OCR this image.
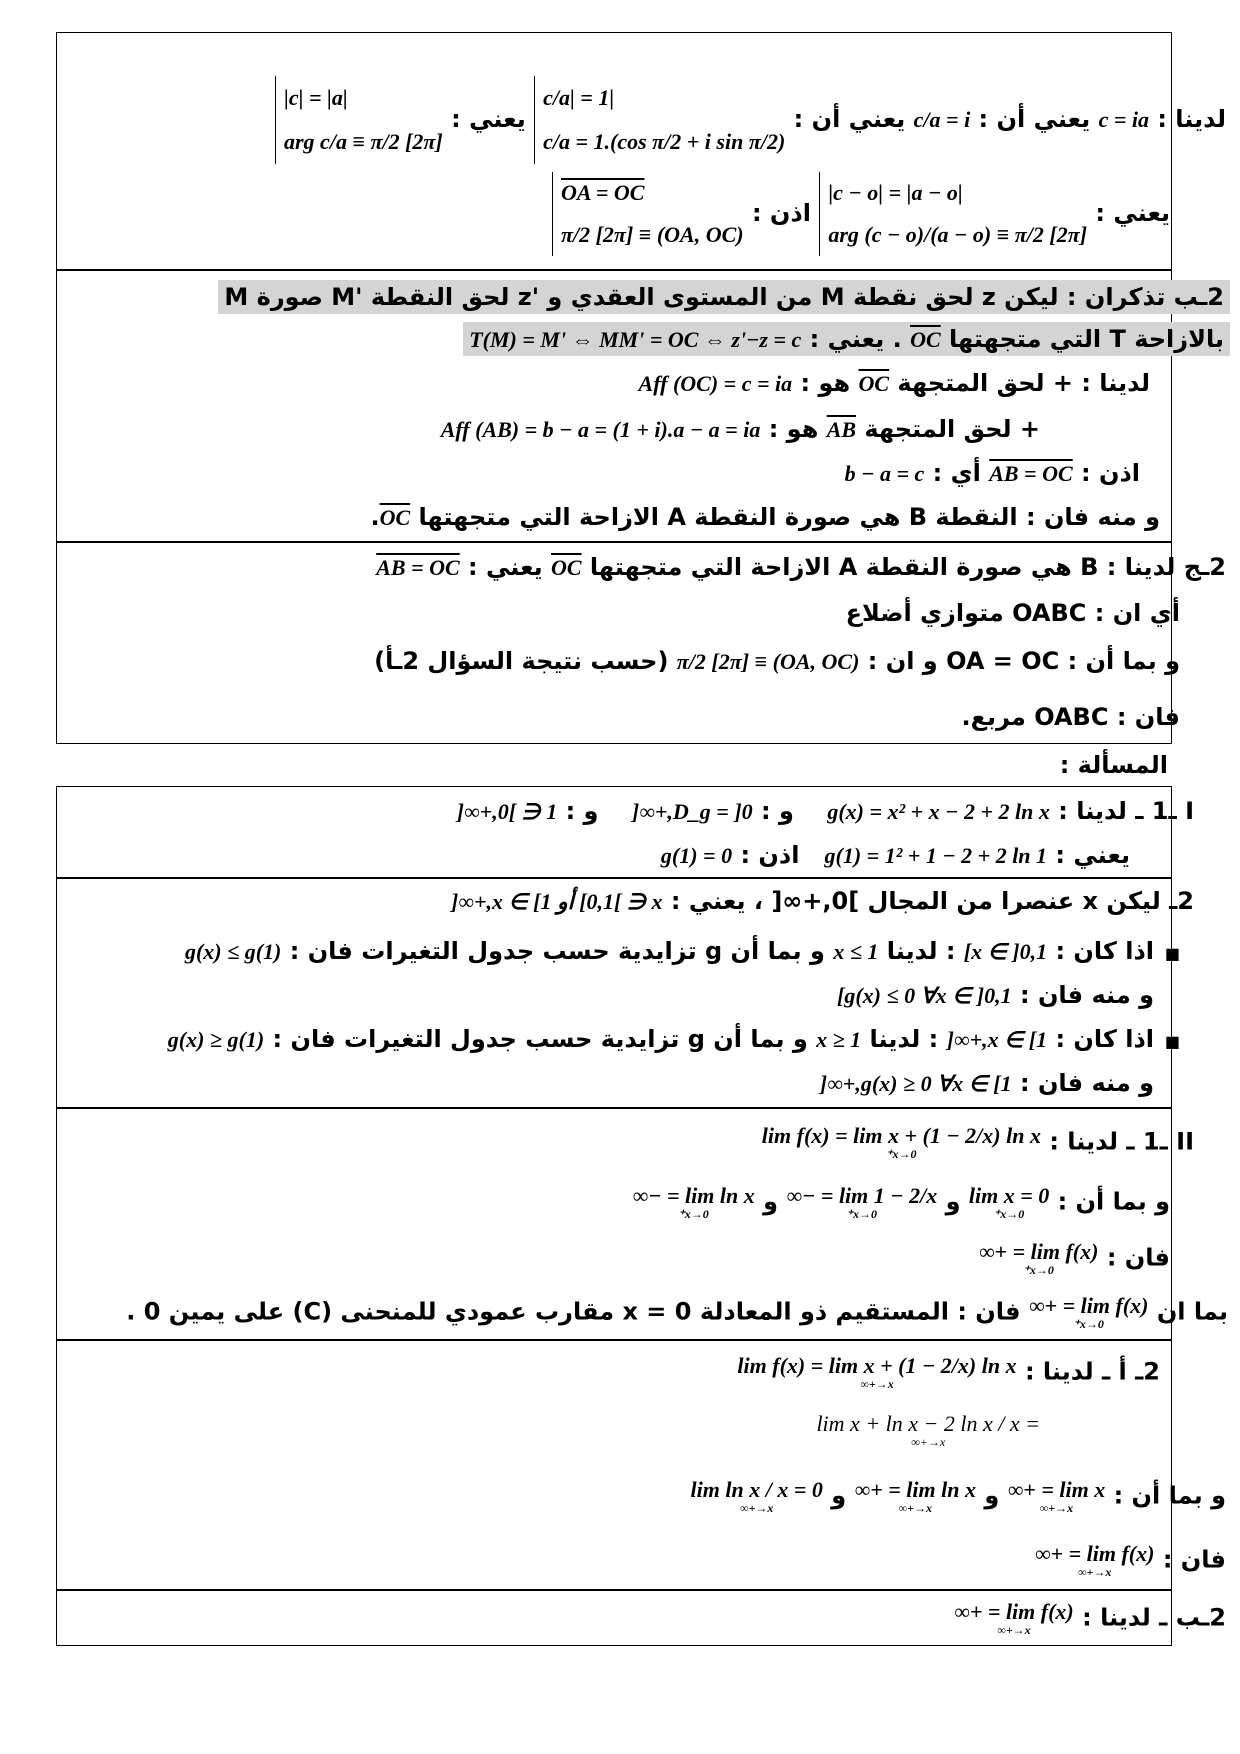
لدينا : c = ia يعني أن : c/a = i يعني أن :
|c/a| = 1
c/a = 1.(cos π/2 + i sin π/2)
يعني :
|c| = |a|
arg c/a ≡ π/2 [2π]
يعني :
|c − o| = |a − o|
arg (c − o)/(a − o) ≡ π/2 [2π]
اذن :
OA = OC
(OA, OC) ≡ π/2 [2π]
2ـب تذكران : ليكن z لحق نقطة M من المستوى العقدي و 'z لحق النقطة 'M صورة M
بالازاحة T التي متجهتها OC . يعني : T(M) = M' ⇔ MM' = OC ⇔ z'−z = c
لدينا : + لحق المتجهة OC هو : Aff (OC) = c = ia
+ لحق المتجهة AB هو : Aff (AB) = b − a = (1 + i).a − a = ia
اذن : AB = OC أي : b − a = c
و منه فان : النقطة B هي صورة النقطة A الازاحة التي متجهتها OC.
2ـج لدينا : B هي صورة النقطة A الازاحة التي متجهتها OC يعني : AB = OC
أي ان : OABC متوازي أضلاع
و بما أن : OA = OC و ان : (OA, OC) ≡ π/2 [2π] (حسب نتيجة السؤال 2ـأ)
فان : OABC مربع.
المسألة :
I ـ1 ـ لدينا : g(x) = x² + x − 2 + 2 ln x    و : D_g = ]0,+∞[    و : 1 ∈ ]0,+∞[
يعني : g(1) = 1² + 1 − 2 + 2 ln 1   اذن : g(1) = 0
2ـ ليكن x عنصرا من المجال ]0,+∞[ ، يعني : x ∈ ]0,1] أو x ∈ [1,+∞[
■
اذا كان : x ∈ ]0,1] : لدينا x ≤ 1 و بما أن g تزايدية حسب جدول التغيرات فان : g(x) ≤ g(1)
و منه فان : g(x) ≤ 0 ∀x ∈ ]0,1]
■
اذا كان : x ∈ [1,+∞[ : لدينا x ≥ 1 و بما أن g تزايدية حسب جدول التغيرات فان : g(x) ≥ g(1)
و منه فان : g(x) ≥ 0 ∀x ∈ [1,+∞[
II ـ1 ـ لدينا : lim f(x) = lim x + (1 − 2/x) ln x
x→0⁺
و بما أن : lim x = 0
x→0⁺
و lim 1 − 2/x = −∞
x→0⁺
و lim ln x = −∞
x→0⁺
فان : lim f(x) = +∞
x→0⁺
بما ان lim f(x) = +∞
x→0⁺
فان : المستقيم ذو المعادلة x = 0 مقارب عمودي للمنحنى (C) على يمين 0 .
2ـ أ ـ لدينا : lim f(x) = lim x + (1 − 2/x) ln x
x→+∞
= lim x + ln x − 2 ln x / x
x→+∞
و بما أن : lim x = +∞
x→+∞
و lim ln x = +∞
x→+∞
و lim ln x / x = 0
x→+∞
فان : lim f(x) = +∞
x→+∞
2ـب ـ لدينا : lim f(x) = +∞
x→+∞
